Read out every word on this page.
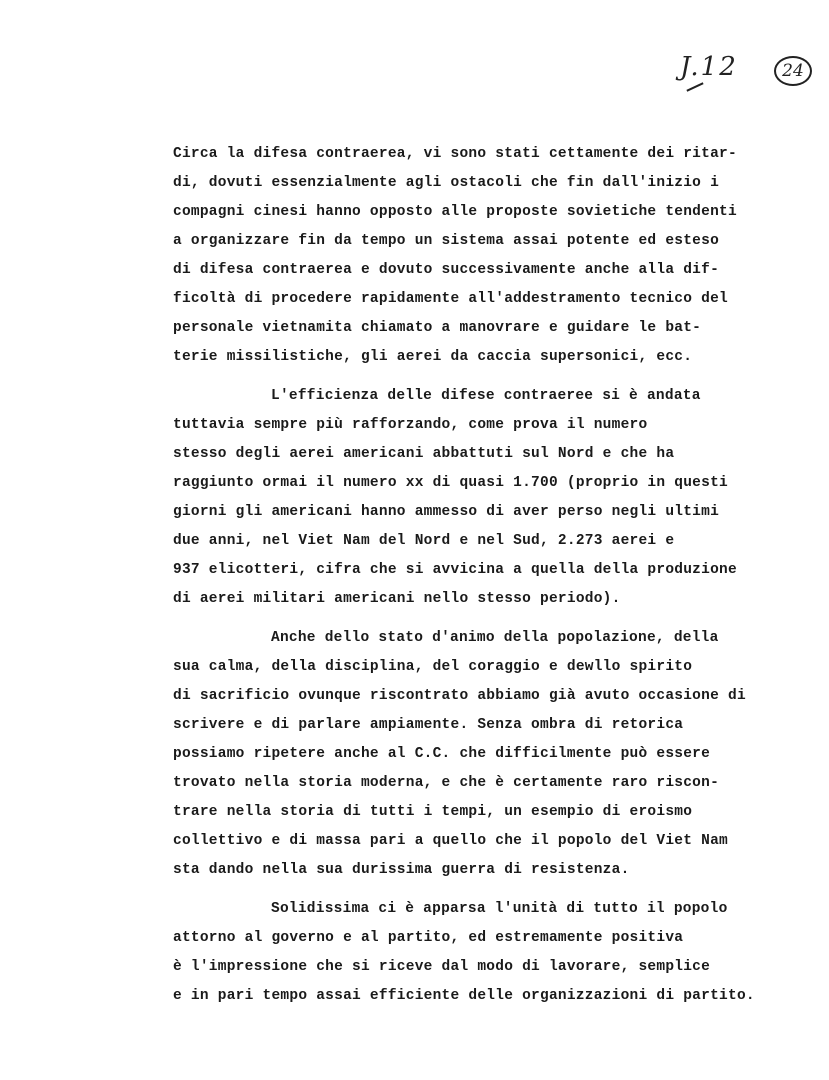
J.12	24
Circa la difesa contraerea, vi sono stati cettamente dei ritar-
di, dovuti essenzialmente agli ostacoli che fin dall'inizio i
compagni cinesi hanno opposto alle proposte sovietiche tendenti
a organizzare fin da tempo un sistema assai potente ed esteso
di difesa contraerea e dovuto successivamente anche alla dif-
ficoltà di procedere rapidamente all'addestramento tecnico del
personale vietnamita chiamato a manovrare e guidare le bat-
terie missilistiche, gli aerei da caccia supersonici, ecc.
L'efficienza delle difese contraeree si è andata
tuttavia sempre più rafforzando, come prova il numero
stesso degli aerei americani abbattuti sul Nord e che ha
raggiunto ormai il numero xx di quasi 1.700 (proprio in questi
giorni gli americani hanno ammesso di aver perso negli ultimi
due anni, nel Viet Nam del Nord e nel Sud, 2.273 aerei e
937 elicotteri, cifra che si avvicina a quella della produzione
di aerei militari americani nello stesso periodo).
Anche dello stato d'animo della popolazione, della
sua calma, della disciplina, del coraggio e dewllo spirito
di sacrificio ovunque riscontrato abbiamo già avuto occasione di
scrivere e di parlare ampiamente. Senza ombra di retorica
possiamo ripetere anche al C.C. che difficilmente può essere
trovato nella storia moderna, e che è certamente raro riscon-
trare nella storia di tutti i tempi, un esempio di eroismo
collettivo e di massa pari a quello che il popolo del Viet Nam
sta dando nella sua durissima guerra di resistenza.
Solidissima ci è apparsa l'unità di tutto il popolo
attorno al governo e al partito, ed estremamente positiva
è l'impressione che si riceve dal modo di lavorare, semplice
e in pari tempo assai efficiente delle organizzazioni di partito.
